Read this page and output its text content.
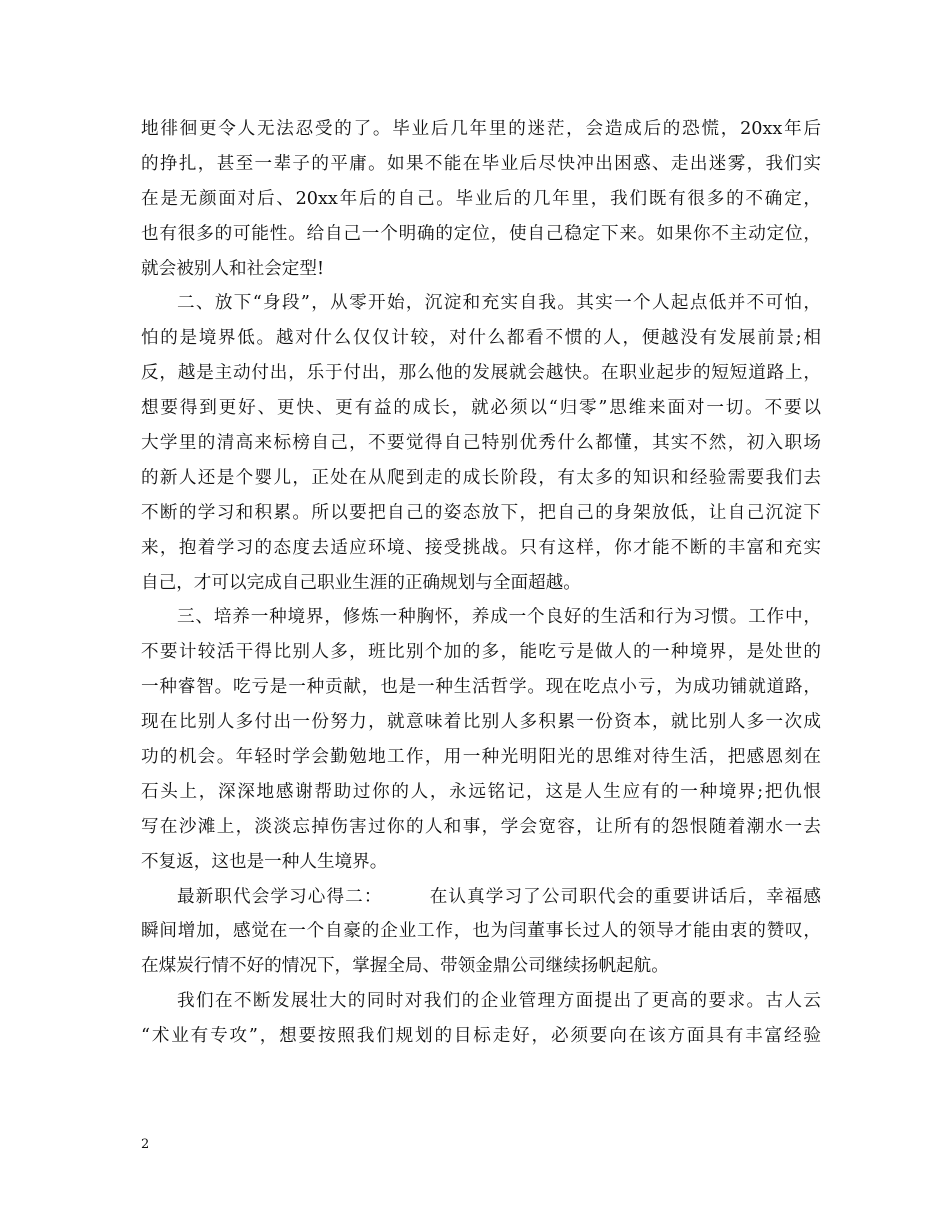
地徘徊更令人无法忍受的了。毕业后几年里的迷茫，会造成后的恐慌，20xx年后
的挣扎，甚至一辈子的平庸。如果不能在毕业后尽快冲出困惑、走出迷雾，我们实
在是无颜面对后、20xx年后的自己。毕业后的几年里，我们既有很多的不确定，
也有很多的可能性。给自己一个明确的定位，使自己稳定下来。如果你不主动定位，
就会被别人和社会定型!
二、放下“身段”，从零开始，沉淀和充实自我。其实一个人起点低并不可怕，
怕的是境界低。越对什么仅仅计较，对什么都看不惯的人，便越没有发展前景;相
反，越是主动付出，乐于付出，那么他的发展就会越快。在职业起步的短短道路上，
想要得到更好、更快、更有益的成长，就必须以“归零”思维来面对一切。不要以
大学里的清高来标榜自己，不要觉得自己特别优秀什么都懂，其实不然，初入职场
的新人还是个婴儿，正处在从爬到走的成长阶段，有太多的知识和经验需要我们去
不断的学习和积累。所以要把自己的姿态放下，把自己的身架放低，让自己沉淀下
来，抱着学习的态度去适应环境、接受挑战。只有这样，你才能不断的丰富和充实
自己，才可以完成自己职业生涯的正确规划与全面超越。
三、培养一种境界，修炼一种胸怀，养成一个良好的生活和行为习惯。工作中，
不要计较活干得比别人多，班比别个加的多，能吃亏是做人的一种境界，是处世的
一种睿智。吃亏是一种贡献，也是一种生活哲学。现在吃点小亏，为成功铺就道路，
现在比别人多付出一份努力，就意味着比别人多积累一份资本，就比别人多一次成
功的机会。年轻时学会勤勉地工作，用一种光明阳光的思维对待生活，把感恩刻在
石头上，深深地感谢帮助过你的人，永远铭记，这是人生应有的一种境界;把仇恨
写在沙滩上，淡淡忘掉伤害过你的人和事，学会宽容，让所有的怨恨随着潮水一去
不复返，这也是一种人生境界。
最新职代会学习心得二：　　　在认真学习了公司职代会的重要讲话后，幸福感
瞬间增加，感觉在一个自豪的企业工作，也为闫董事长过人的领导才能由衷的赞叹，
在煤炭行情不好的情况下，掌握全局、带领金鼎公司继续扬帆起航。
我们在不断发展壮大的同时对我们的企业管理方面提出了更高的要求。古人云
“术业有专攻”，想要按照我们规划的目标走好，必须要向在该方面具有丰富经验
2
